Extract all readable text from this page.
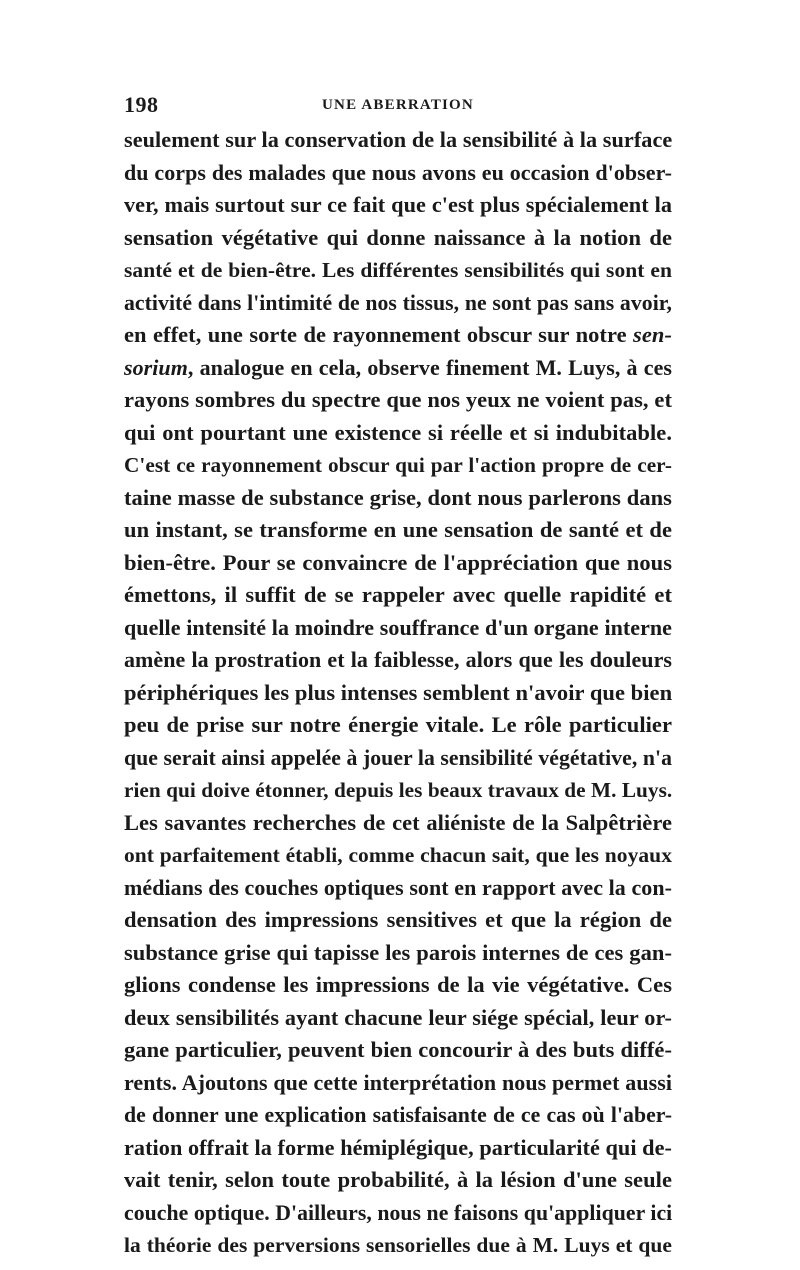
198	UNE ABERRATION
seulement sur la conservation de la sensibilité à la surface
du corps des malades que nous avons eu occasion d'obser-
ver, mais surtout sur ce fait que c'est plus spécialement la
sensation végétative qui donne naissance à la notion de
santé et de bien-être. Les différentes sensibilités qui sont en
activité dans l'intimité de nos tissus, ne sont pas sans avoir,
en effet, une sorte de rayonnement obscur sur notre sen-
sorium, analogue en cela, observe finement M. Luys, à ces
rayons sombres du spectre que nos yeux ne voient pas, et
qui ont pourtant une existence si réelle et si indubitable.
C'est ce rayonnement obscur qui par l'action propre de cer-
taine masse de substance grise, dont nous parlerons dans
un instant, se transforme en une sensation de santé et de
bien-être. Pour se convaincre de l'appréciation que nous
émettons, il suffit de se rappeler avec quelle rapidité et
quelle intensité la moindre souffrance d'un organe interne
amène la prostration et la faiblesse, alors que les douleurs
périphériques les plus intenses semblent n'avoir que bien
peu de prise sur notre énergie vitale. Le rôle particulier
que serait ainsi appelée à jouer la sensibilité végétative, n'a
rien qui doive étonner, depuis les beaux travaux de M. Luys.
Les savantes recherches de cet aliéniste de la Salpêtrière
ont parfaitement établi, comme chacun sait, que les noyaux
médians des couches optiques sont en rapport avec la con-
densation des impressions sensitives et que la région de
substance grise qui tapisse les parois internes de ces gan-
glions condense les impressions de la vie végétative. Ces
deux sensibilités ayant chacune leur siége spécial, leur or-
gane particulier, peuvent bien concourir à des buts diffé-
rents. Ajoutons que cette interprétation nous permet aussi
de donner une explication satisfaisante de ce cas où l'aber-
ration offrait la forme hémiplégique, particularité qui de-
vait tenir, selon toute probabilité, à la lésion d'une seule
couche optique. D'ailleurs, nous ne faisons qu'appliquer ici
la théorie des perversions sensorielles due à M. Luys et que
